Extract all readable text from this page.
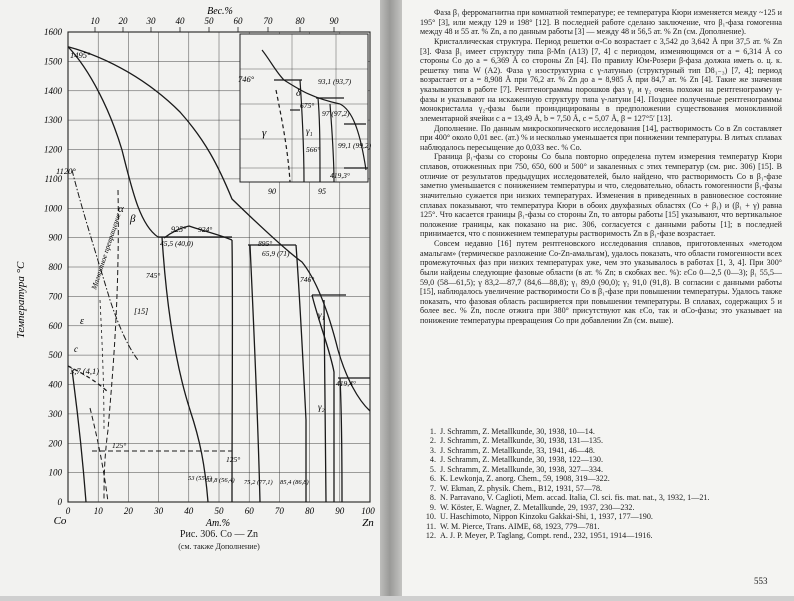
1600
1500
1400
1300
1200
1100
1000
900
800
700
600
500
400
300
200
100
0
Температура °С
10 20 30 40 50 60 70	80	90
Вес.%
0	10 20 30 40 50 60 70 80 90 100
Ат.%
Co	Zn
1495°
1120°
Магнитное превращение β
α
ε
c
3,7 (4,1)
746°	93,1 (93,7)
δ
675°
97 (97,2)
γ	γ₁
566° 99,1 (99,2)
419,3°
90	95
925°
45,5 (40,0)
924°
895°
65,9 (71)
745°
[15]
746°
γ₁
419,4°
γ₂
125°
125°
53 (55,5)
53,8 (56,4) 75,2 (77,1) 85,4 (86,8)
Рис. 306. Co — Zn
(см. также Дополнение)

Фаза β₁ ферромагнитна при комнатной температуре; ее температура Кюри изменяется между ~125 и 195° [3], или между 129 и 198° [12]. В последней работе сделано заключение, что β₁-фаза гомогенна между 48 и 55 ат. % Zn, а по данным работы [3] — между 48 и 56,5 ат. % Zn (см. Дополнение).

Кристаллическая структура. Период решетки α-Со возрастает с 3,542 до 3,642 Å при 37,5 ат. % Zn [3]. Фаза β₁ имеет структуру типа β-Mn (A13) [7, 4] с периодом, изменяющимся от а = 6,314 Å со стороны Со до а = 6,369 Å со стороны Zn [4]. По правилу Юм-Розери β-фаза должна иметь о. ц. к. решетку типа W (A2). Фаза γ изоструктурна с γ-латунью (структурный тип D8₁₋₃) [7, 4]; период возрастает от а = 8,908 Å при 76,2 ат. % Zn до а = 8,985 Å при 84,7 ат. % Zn [4]. Такие же значения указываются в работе [7]. Рентгенограммы порошков фаз γ₁ и γ₂ очень похожи на рентгенограмму γ-фазы и указывают на искаженную структуру типа γ-латуни [4]. Позднее полученные рентгенограммы монокристалла γ₂-фазы были проиндицированы в предположении существования моноклинной элементарной ячейки с а = 13,49 Å, b = 7,50 Å, с = 5,07 Å, β = 127°5′ [13].

Дополнение. По данным микроскопического исследования [14], растворимость Со в Zn составляет при 400° около 0,01 вес. (ат.) % и несколько уменьшается при понижении температуры. В литых сплавах наблюдалось пересыщение до 0,033 вес. % Со.

Граница β₁-фазы со стороны Со была повторно определена путем измерения температур Кюри сплавов, отожженных при 750, 650, 600 и 500° и закаленных с этих температур (см. рис. 306) [15]. В отличие от результатов предыдущих исследователей, было найдено, что растворимость Со в β₁-фазе заметно уменьшается с понижением температуры и что, следовательно, область гомогенности β₁-фазы значительно сужается при низких температурах. Изменения в приведенных в равновесное состояние сплавах показывают, что температура Кюри в обоих двухфазных областях (Co + β₁) и (β₁ + γ) равна 125°. Что касается границы β₁-фазы со стороны Zn, то авторы работы [15] указывают, что вертикальное положение границы, как показано на рис. 306, согласуется с данными работы [1]; в последней принимается, что с понижением температуры растворимость Zn в β₁-фазе возрастает.

Совсем недавно [16] путем рентгеновского исследования сплавов, приготовленных «методом амальгам» (термическое разложение Co-Zn-амальгам), удалось показать, что области гомогенности всех промежуточных фаз при низких температурах уже, чем это указывалось в работах [1, 3, 4]. При 300° были найдены следующие фазовые области (в ат. % Zn; в скобках вес. %): εCo 0—2,5 (0—3); β₁ 55,5—59,0 (58—61,5); γ 83,2—87,7 (84,6—88,8); γ₁ 89,0 (90,0); γ₂ 91,0 (91,8). В согласии с данными работы [15], наблюдалось увеличение растворимости Со в β₁-фазе при повышении температуры. Удалось также показать, что фазовая область расширяется при повышении температуры. В сплавах, содержащих 5 и более вес. % Zn, после отжига при 380° присутствуют как εCo, так и αCo-фазы; это указывает на понижение температуры превращения Со при добавлении Zn (см. выше).

1. J. Schramm, Z. Metallkunde, 30, 1938, 10—14.
2. J. Schramm, Z. Metallkunde, 30, 1938, 131—135.
3. J. Schramm, Z. Metallkunde, 33, 1941, 46—48.
4. J. Schramm, Z. Metallkunde, 30, 1938, 122—130.
5. J. Schramm, Z. Metallkunde, 30, 1938, 327—334.
6. K. Lewkonja, Z. anorg. Chem., 59, 1908, 319—322.
7. W. Ekman, Z. physik. Chem., B12, 1931, 57—78.
8. N. Parravano, V. Caglioti, Mem. accad. Italia, Cl. sci. fis. mat. nat., 3, 1932, 1—21.
9. W. Köster, E. Wagner, Z. Metallkunde, 29, 1937, 230—232.
10. U. Haschimoto, Nippon Kinzoku Gakkai-Shi, 1, 1937, 177—190.
11. W. M. Pierce, Trans. AIME, 68, 1923, 779—781.
12. A. J. P. Meyer, P. Taglang, Compt. rend., 232, 1951, 1914—1916.
553
